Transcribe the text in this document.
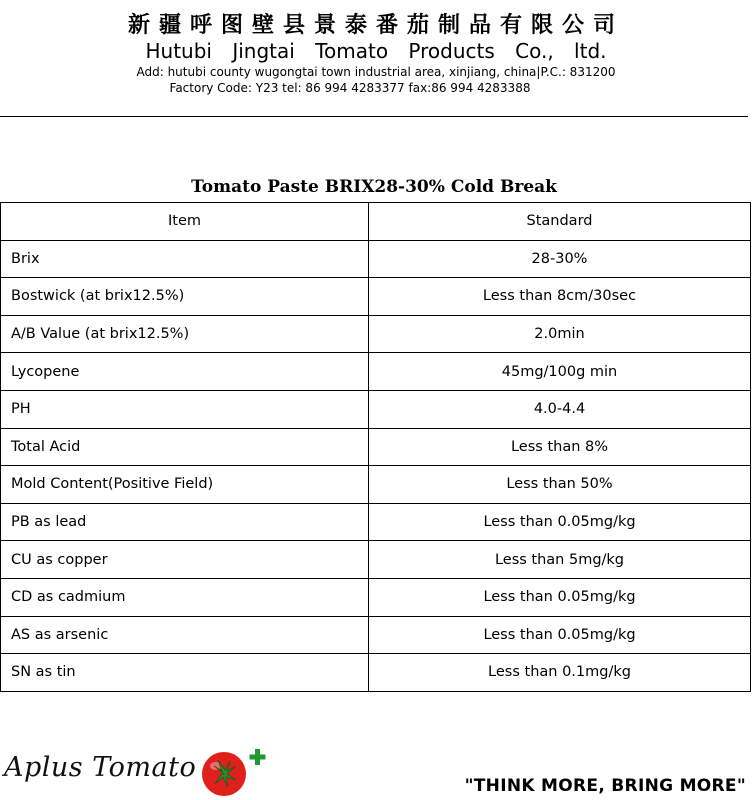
新疆呼图壁县景泰番茄制品有限公司
Hutubi Jingtai Tomato Products Co., ltd.
Add: hutubi county wugongtai town industrial area, xinjiang, china|P.C.: 831200
Factory Code: Y23 tel: 86 994 4283377 fax:86 994 4283388
Tomato Paste BRIX28-30% Cold Break
Item	Standard
Brix	28-30%
Bostwick (at brix12.5%)	Less than 8cm/30sec
A/B Value (at brix12.5%)	2.0min
Lycopene	45mg/100g min
PH	4.0-4.4
Total Acid	Less than 8%
Mold Content(Positive Field)	Less than 50%
PB as lead	Less than 0.05mg/kg
CU as copper	Less than 5mg/kg
CD as cadmium	Less than 0.05mg/kg
AS as arsenic	Less than 0.05mg/kg
SN as tin	Less than 0.1mg/kg
Aplus Tomato
"THINK MORE, BRING MORE"
